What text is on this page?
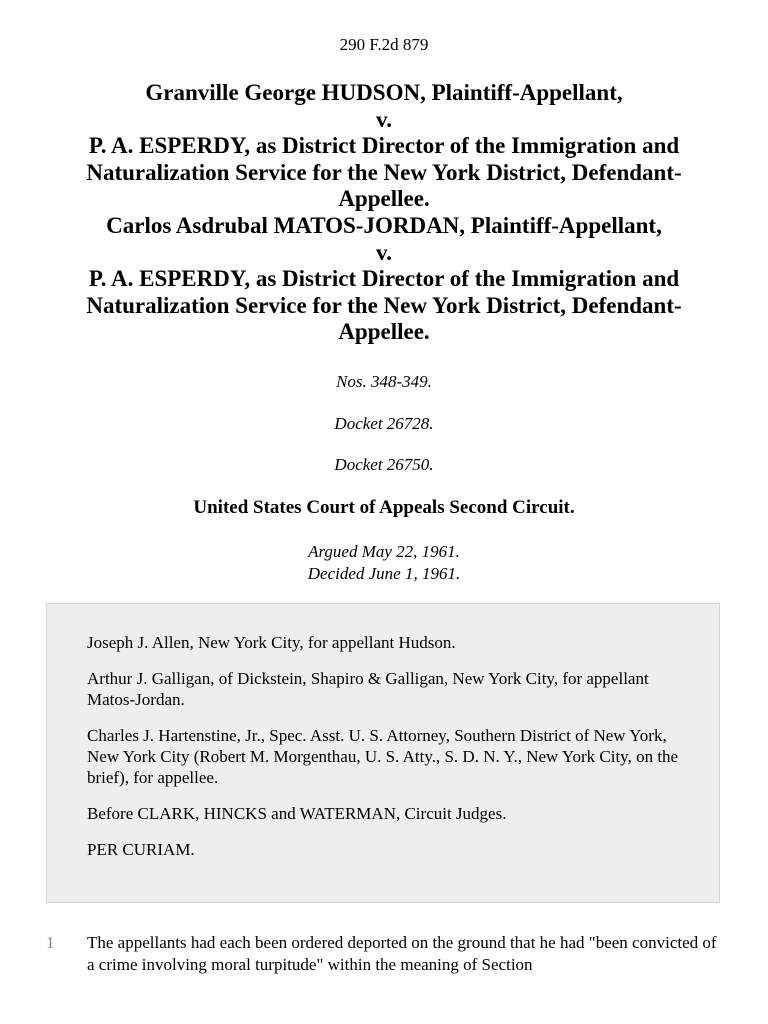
290 F.2d 879
Granville George HUDSON, Plaintiff-Appellant,
v.
P. A. ESPERDY, as District Director of the Immigration and
Naturalization Service for the New York District, Defendant-
Appellee.
Carlos Asdrubal MATOS-JORDAN, Plaintiff-Appellant,
v.
P. A. ESPERDY, as District Director of the Immigration and
Naturalization Service for the New York District, Defendant-
Appellee.
Nos. 348-349.
Docket 26728.
Docket 26750.
United States Court of Appeals Second Circuit.
Argued May 22, 1961.
Decided June 1, 1961.

Joseph J. Allen, New York City, for appellant Hudson.

Arthur J. Galligan, of Dickstein, Shapiro & Galligan, New York City, for appellant Matos-Jordan.

Charles J. Hartenstine, Jr., Spec. Asst. U. S. Attorney, Southern District of New York, New York City (Robert M. Morgenthau, U. S. Atty., S. D. N. Y., New York City, on the brief), for appellee.

Before CLARK, HINCKS and WATERMAN, Circuit Judges.

PER CURIAM.

1 The appellants had each been ordered deported on the ground that he had "been convicted of a crime involving moral turpitude" within the meaning of Section
